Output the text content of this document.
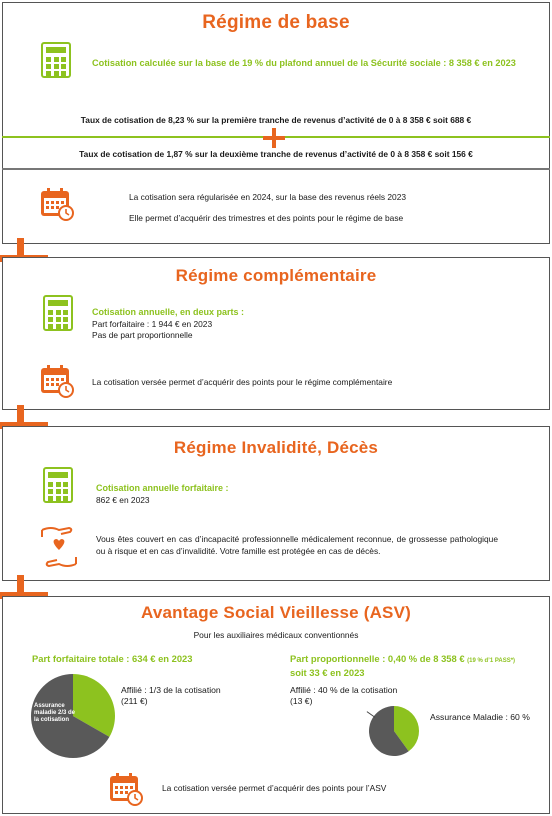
Régime de base
Cotisation calculée sur la base de 19 % du plafond annuel de la Sécurité sociale : 8 358 € en 2023
Taux de cotisation de 8,23 % sur la première tranche de revenus d’activité de 0 à 8 358 € soit 688 €
Taux de cotisation de 1,87 % sur la deuxième tranche de revenus d’activité de 0 à 8 358 € soit 156 €
La cotisation sera régularisée en 2024, sur la base des revenus réels 2023
Elle permet d’acquérir des trimestres et des points pour le régime de base
Régime complémentaire
Cotisation annuelle, en deux parts :
Part forfaitaire : 1 944 € en 2023
Pas de part proportionnelle
La cotisation versée permet d’acquérir des points pour le régime complémentaire
Régime Invalidité, Décès
Cotisation annuelle forfaitaire :
862 € en 2023
Vous êtes couvert en cas d’incapacité professionnelle médicalement reconnue, de grossesse pathologique ou à risque et en cas d’invalidité. Votre famille est protégée en cas de décès.
Avantage Social Vieillesse (ASV)
Pour les auxiliaires médicaux conventionnés
Part forfaitaire totale : 634 € en 2023	Part proportionnelle : 0,40 % de 8 358 € (19 % d’1 PASS*)
soit 33 € en 2023
Assurance maladie 2/3 de la cotisation
Affilié : 1/3 de la cotisation
(211 €)
Affilié : 40 % de la cotisation
(13 €)
Assurance Maladie : 60 %
La cotisation versée permet d’acquérir des points pour l’ASV
